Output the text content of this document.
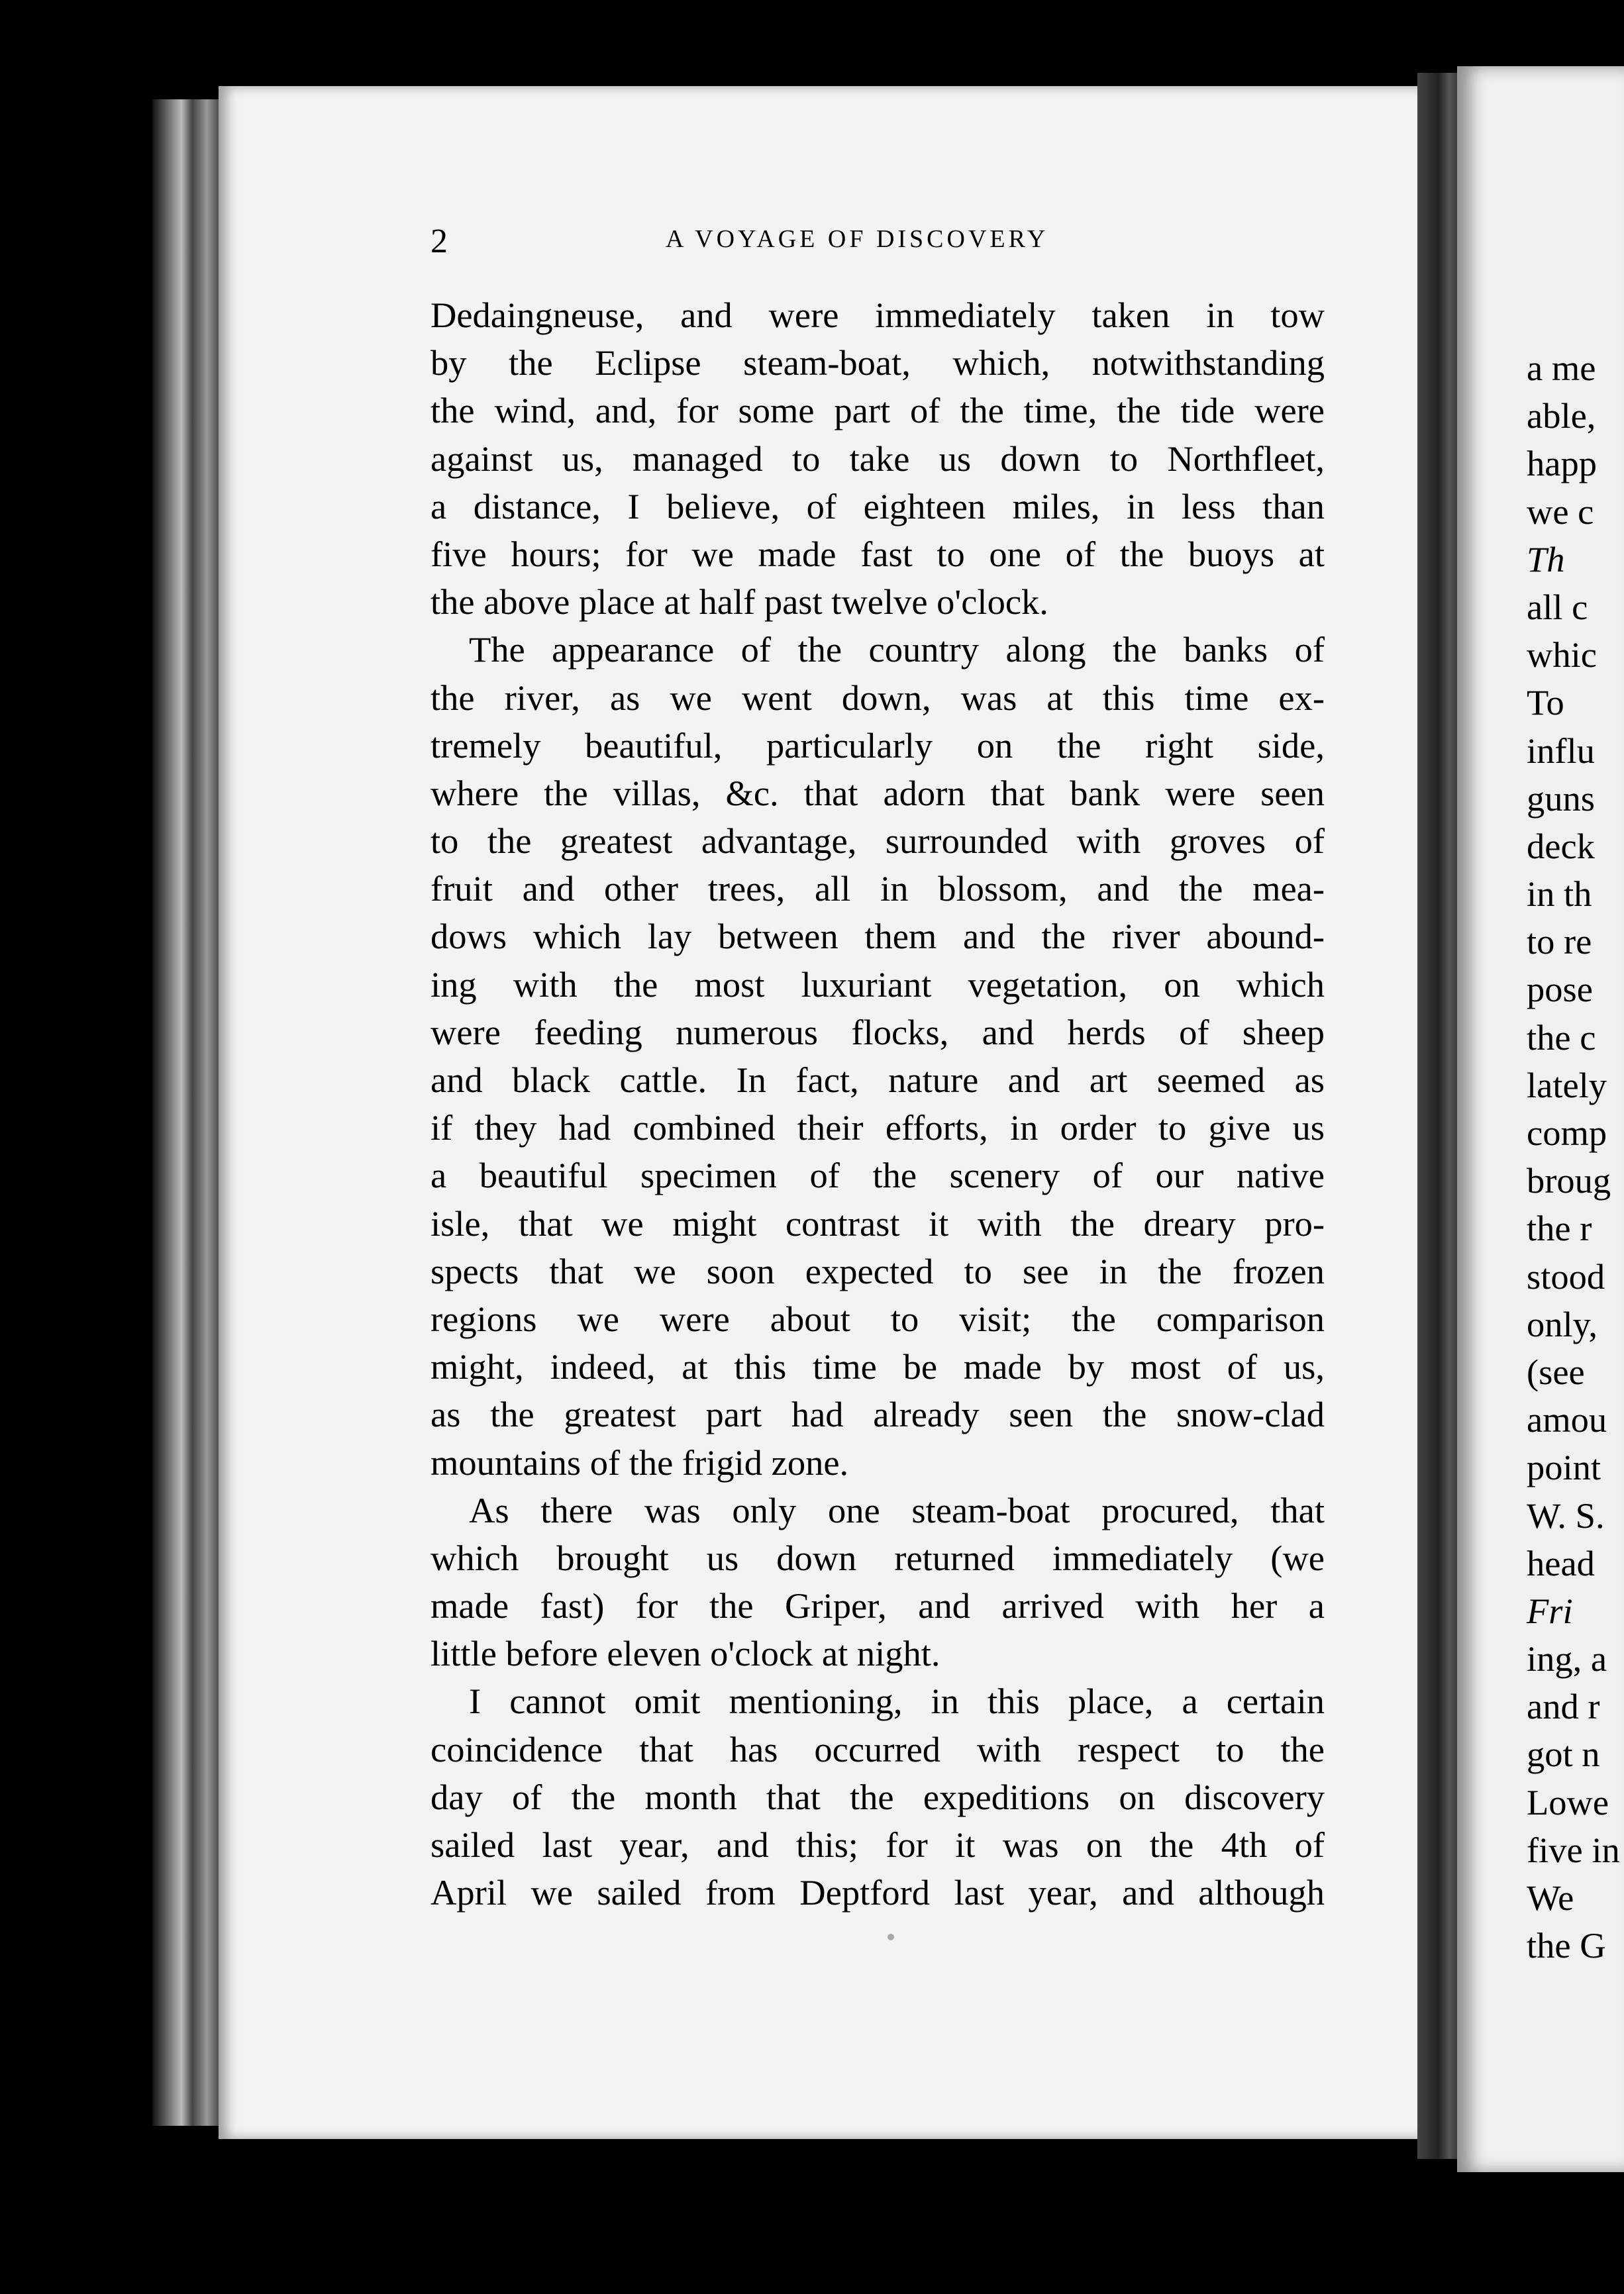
2	A VOYAGE OF DISCOVERY
Dedaingneuse, and were immediately taken in tow
by the Eclipse steam-boat, which, notwithstanding
the wind, and, for some part of the time, the tide were
against us, managed to take us down to Northfleet,
a distance, I believe, of eighteen miles, in less than
five hours; for we made fast to one of the buoys at
the above place at half past twelve o'clock.
The appearance of the country along the banks of
the river, as we went down, was at this time ex-
tremely beautiful, particularly on the right side,
where the villas, &c. that adorn that bank were seen
to the greatest advantage, surrounded with groves of
fruit and other trees, all in blossom, and the mea-
dows which lay between them and the river abound-
ing with the most luxuriant vegetation, on which
were feeding numerous flocks, and herds of sheep
and black cattle. In fact, nature and art seemed as
if they had combined their efforts, in order to give us
a beautiful specimen of the scenery of our native
isle, that we might contrast it with the dreary pro-
spects that we soon expected to see in the frozen
regions we were about to visit; the comparison
might, indeed, at this time be made by most of us,
as the greatest part had already seen the snow-clad
mountains of the frigid zone.
As there was only one steam-boat procured, that
which brought us down returned immediately (we
made fast) for the Griper, and arrived with her a
little before eleven o'clock at night.
I cannot omit mentioning, in this place, a certain
coincidence that has occurred with respect to the
day of the month that the expeditions on discovery
sailed last year, and this; for it was on the 4th of
April we sailed from Deptford last year, and although
a me
able,
happ
we c
Th
all c
whic
To
influ
guns
deck
in th
to re
pose
the c
lately
comp
broug
the r
stood
only,
(see
amou
point
W. S.
head
Fri
ing, a
and r
got n
Lowe
five in
We
the G
